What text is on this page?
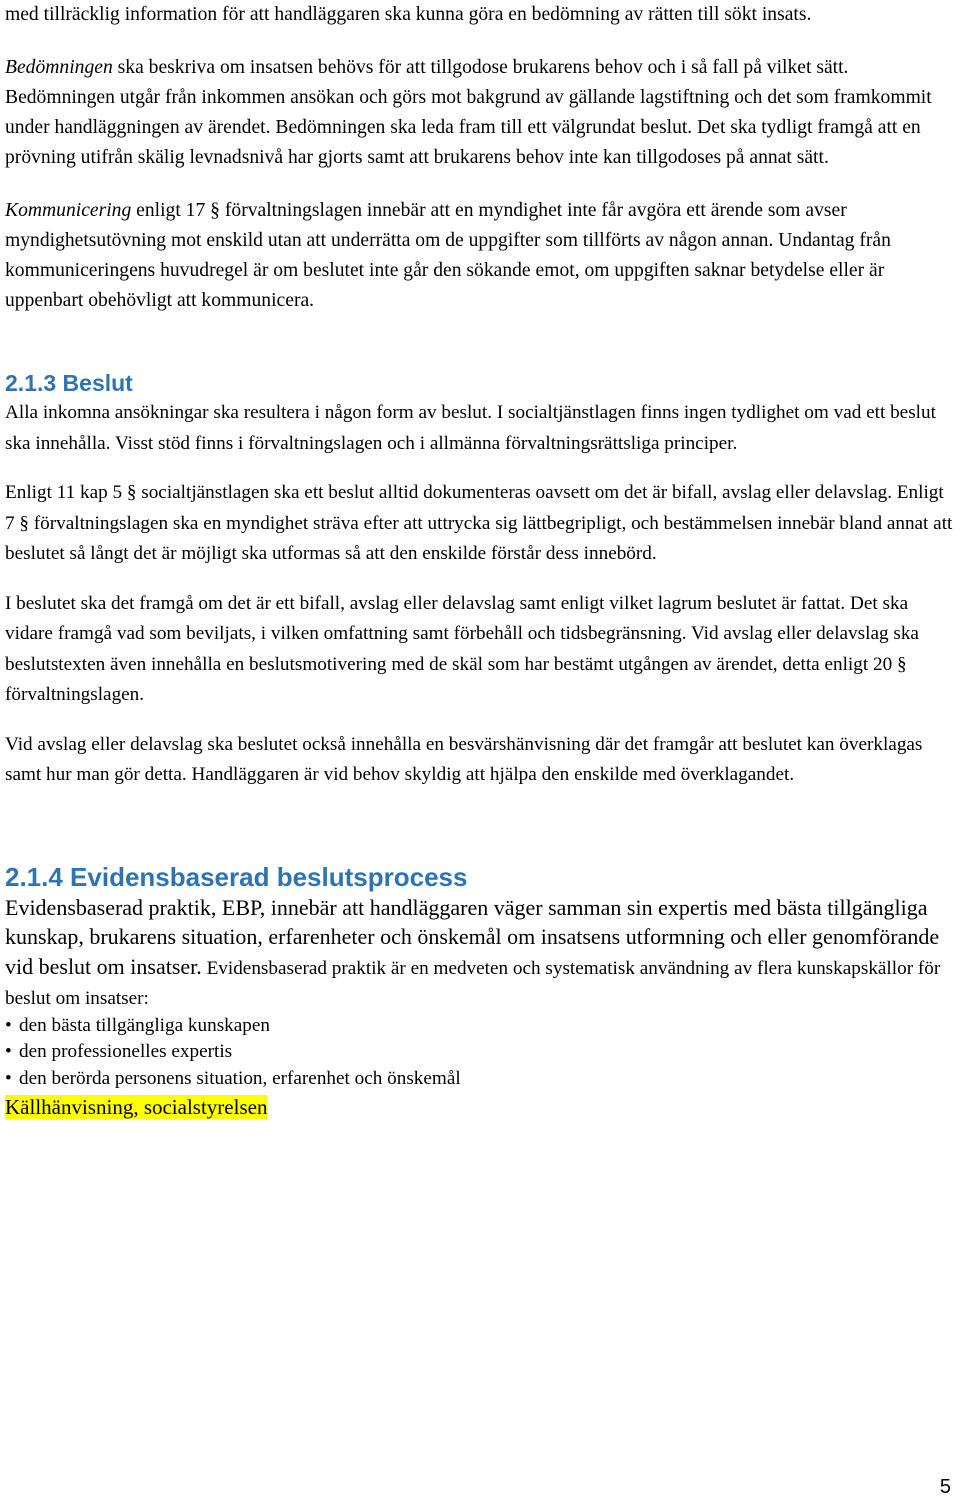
med tillräcklig information för att handläggaren ska kunna göra en bedömning av rätten till sökt insats.

Bedömningen ska beskriva om insatsen behövs för att tillgodose brukarens behov och i så fall på vilket sätt. Bedömningen utgår från inkommen ansökan och görs mot bakgrund av gällande lagstiftning och det som framkommit under handläggningen av ärendet. Bedömningen ska leda fram till ett välgrundat beslut. Det ska tydligt framgå att en prövning utifrån skälig levnadsnivå har gjorts samt att brukarens behov inte kan tillgodoses på annat sätt.

Kommunicering enligt 17 § förvaltningslagen innebär att en myndighet inte får avgöra ett ärende som avser myndighetsutövning mot enskild utan att underrätta om de uppgifter som tillförts av någon annan. Undantag från kommuniceringens huvudregel är om beslutet inte går den sökande emot, om uppgiften saknar betydelse eller är uppenbart obehövligt att kommunicera.

2.1.3 Beslut

Alla inkomna ansökningar ska resultera i någon form av beslut. I socialtjänstlagen finns ingen tydlighet om vad ett beslut ska innehålla. Visst stöd finns i förvaltningslagen och i allmänna förvaltningsrättsliga principer.

Enligt 11 kap 5 § socialtjänstlagen ska ett beslut alltid dokumenteras oavsett om det är bifall, avslag eller delavslag. Enligt 7 § förvaltningslagen ska en myndighet sträva efter att uttrycka sig lättbegripligt, och bestämmelsen innebär bland annat att beslutet så långt det är möjligt ska utformas så att den enskilde förstår dess innebörd.

I beslutet ska det framgå om det är ett bifall, avslag eller delavslag samt enligt vilket lagrum beslutet är fattat. Det ska vidare framgå vad som beviljats, i vilken omfattning samt förbehåll och tidsbegränsning. Vid avslag eller delavslag ska beslutstexten även innehålla en beslutsmotivering med de skäl som har bestämt utgången av ärendet, detta enligt 20 § förvaltningslagen.

Vid avslag eller delavslag ska beslutet också innehålla en besvärshänvisning där det framgår att beslutet kan överklagas samt hur man gör detta. Handläggaren är vid behov skyldig att hjälpa den enskilde med överklagandet.

2.1.4 Evidensbaserad beslutsprocess

Evidensbaserad praktik, EBP, innebär att handläggaren väger samman sin expertis med bästa tillgängliga kunskap, brukarens situation, erfarenheter och önskemål om insatsens utformning och eller genomförande vid beslut om insatser. Evidensbaserad praktik är en medveten och systematisk användning av flera kunskapskällor för beslut om insatser:

• den bästa tillgängliga kunskapen
• den professionelles expertis
• den berörda personens situation, erfarenhet och önskemål

Källhänvisning, socialstyrelsen

5
